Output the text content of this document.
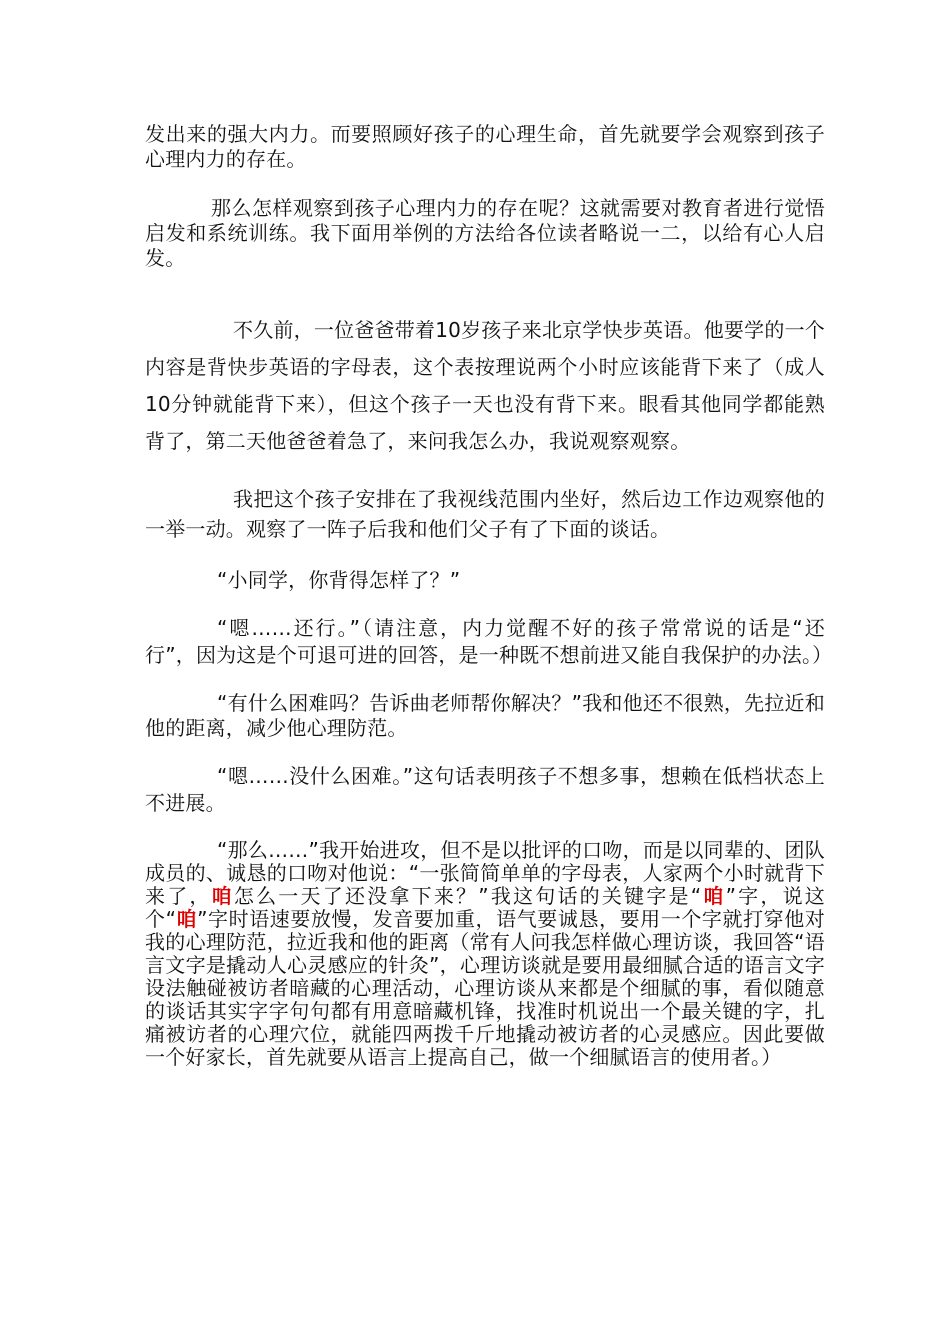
发出来的强大内力。而要照顾好孩子的心理生命，首先就要学会观察到孩子心理内力的存在。

那么怎样观察到孩子心理内力的存在呢？这就需要对教育者进行觉悟启发和系统训练。我下面用举例的方法给各位读者略说一二，以给有心人启发。

不久前，一位爸爸带着10岁孩子来北京学快步英语。他要学的一个内容是背快步英语的字母表，这个表按理说两个小时应该能背下来了（成人10分钟就能背下来），但这个孩子一天也没有背下来。眼看其他同学都能熟背了，第二天他爸爸着急了，来问我怎么办，我说观察观察。

我把这个孩子安排在了我视线范围内坐好，然后边工作边观察他的一举一动。观察了一阵子后我和他们父子有了下面的谈话。

“小同学，你背得怎样了？”

“嗯……还行。”（请注意，内力觉醒不好的孩子常常说的话是“还行”，因为这是个可退可进的回答，是一种既不想前进又能自我保护的办法。）

“有什么困难吗？告诉曲老师帮你解决？”我和他还不很熟，先拉近和他的距离，减少他心理防范。

“嗯……没什么困难。”这句话表明孩子不想多事，想赖在低档状态上不进展。

“那么……”我开始进攻，但不是以批评的口吻，而是以同辈的、团队成员的、诚恳的口吻对他说：“一张简简单单的字母表，人家两个小时就背下来了，咱怎么一天了还没拿下来？”我这句话的关键字是“咱”字，说这个“咱”字时语速要放慢，发音要加重，语气要诚恳，要用一个字就打穿他对我的心理防范，拉近我和他的距离（常有人问我怎样做心理访谈，我回答“语言文字是撬动人心灵感应的针灸”，心理访谈就是要用最细腻合适的语言文字设法触碰被访者暗藏的心理活动，心理访谈从来都是个细腻的事，看似随意的谈话其实字字句句都有用意暗藏机锋，找准时机说出一个最关键的字，扎痛被访者的心理穴位，就能四两拨千斤地撬动被访者的心灵感应。因此要做一个好家长，首先就要从语言上提高自己，做一个细腻语言的使用者。）
